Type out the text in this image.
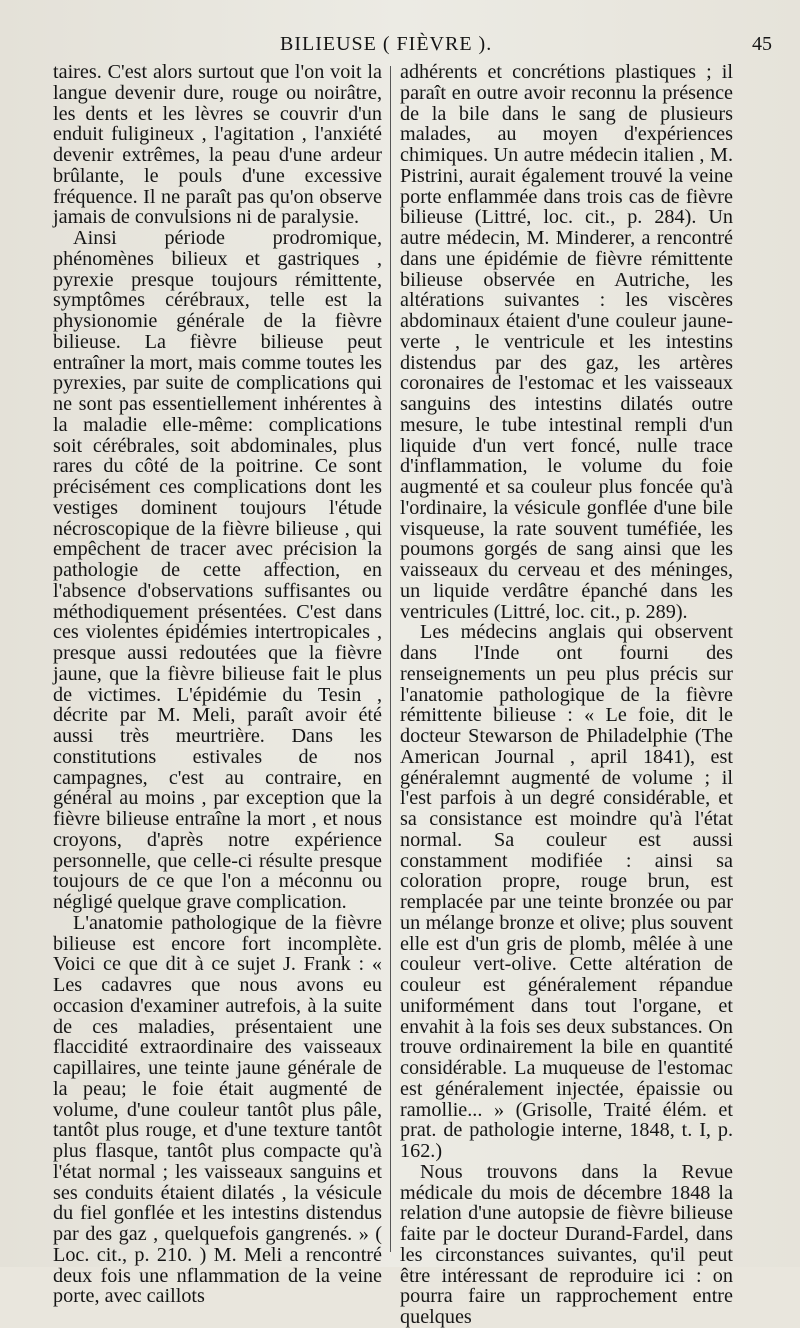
BILIEUSE ( FIÈVRE ).	45

taires. C'est alors surtout que l'on voit la langue devenir dure, rouge ou noirâtre, les dents et les lèvres se couvrir d'un enduit fuligineux , l'agitation , l'anxiété devenir extrêmes, la peau d'une ardeur brûlante, le pouls d'une excessive fréquence. Il ne paraît pas qu'on observe jamais de convulsions ni de paralysie.

Ainsi période prodromique, phénomènes bilieux et gastriques , pyrexie presque toujours rémittente, symptômes cérébraux, telle est la physionomie générale de la fièvre bilieuse. La fièvre bilieuse peut entraîner la mort, mais comme toutes les pyrexies, par suite de complications qui ne sont pas essentiellement inhérentes à la maladie elle-même: complications soit cérébrales, soit abdominales, plus rares du côté de la poitrine. Ce sont précisément ces complications dont les vestiges dominent toujours l'étude nécroscopique de la fièvre bilieuse , qui empêchent de tracer avec précision la pathologie de cette affection, en l'absence d'observations suffisantes ou méthodiquement présentées. C'est dans ces violentes épidémies intertropicales , presque aussi redoutées que la fièvre jaune, que la fièvre bilieuse fait le plus de victimes. L'épidémie du Tesin , décrite par M. Meli, paraît avoir été aussi très meurtrière. Dans les constitutions estivales de nos campagnes, c'est au contraire, en général au moins , par exception que la fièvre bilieuse entraîne la mort , et nous croyons, d'après notre expérience personnelle, que celle-ci résulte presque toujours de ce que l'on a méconnu ou négligé quelque grave complication.

L'anatomie pathologique de la fièvre bilieuse est encore fort incomplète. Voici ce que dit à ce sujet J. Frank : « Les cadavres que nous avons eu occasion d'examiner autrefois, à la suite de ces maladies, présentaient une flaccidité extraordinaire des vaisseaux capillaires, une teinte jaune générale de la peau; le foie était augmenté de volume, d'une couleur tantôt plus pâle, tantôt plus rouge, et d'une texture tantôt plus flasque, tantôt plus compacte qu'à l'état normal ; les vaisseaux sanguins et ses conduits étaient dilatés , la vésicule du fiel gonflée et les intestins distendus par des gaz , quelquefois gangrenés. » ( Loc. cit., p. 210. ) M. Meli a rencontré deux fois une nflammation de la veine porte, avec caillots

adhérents et concrétions plastiques ; il paraît en outre avoir reconnu la présence de la bile dans le sang de plusieurs malades, au moyen d'expériences chimiques. Un autre médecin italien , M. Pistrini, aurait également trouvé la veine porte enflammée dans trois cas de fièvre bilieuse (Littré, loc. cit., p. 284). Un autre médecin, M. Minderer, a rencontré dans une épidémie de fièvre rémittente bilieuse observée en Autriche, les altérations suivantes : les viscères abdominaux étaient d'une couleur jaune-verte , le ventricule et les intestins distendus par des gaz, les artères coronaires de l'estomac et les vaisseaux sanguins des intestins dilatés outre mesure, le tube intestinal rempli d'un liquide d'un vert foncé, nulle trace d'inflammation, le volume du foie augmenté et sa couleur plus foncée qu'à l'ordinaire, la vésicule gonflée d'une bile visqueuse, la rate souvent tuméfiée, les poumons gorgés de sang ainsi que les vaisseaux du cerveau et des méninges, un liquide verdâtre épanché dans les ventricules (Littré, loc. cit., p. 289).

Les médecins anglais qui observent dans l'Inde ont fourni des renseignements un peu plus précis sur l'anatomie pathologique de la fièvre rémittente bilieuse : « Le foie, dit le docteur Stewarson de Philadelphie (The American Journal , april 1841), est généralemnt augmenté de volume ; il l'est parfois à un degré considérable, et sa consistance est moindre qu'à l'état normal. Sa couleur est aussi constamment modifiée : ainsi sa coloration propre, rouge brun, est remplacée par une teinte bronzée ou par un mélange bronze et olive; plus souvent elle est d'un gris de plomb, mêlée à une couleur vert-olive. Cette altération de couleur est généralement répandue uniformément dans tout l'organe, et envahit à la fois ses deux substances. On trouve ordinairement la bile en quantité considérable. La muqueuse de l'estomac est généralement injectée, épaissie ou ramollie... » (Grisolle, Traité élém. et prat. de pathologie interne, 1848, t. I, p. 162.)

Nous trouvons dans la Revue médicale du mois de décembre 1848 la relation d'une autopsie de fièvre bilieuse faite par le docteur Durand-Fardel, dans les circonstances suivantes, qu'il peut être intéressant de reproduire ici : on pourra faire un rapprochement entre quelques
